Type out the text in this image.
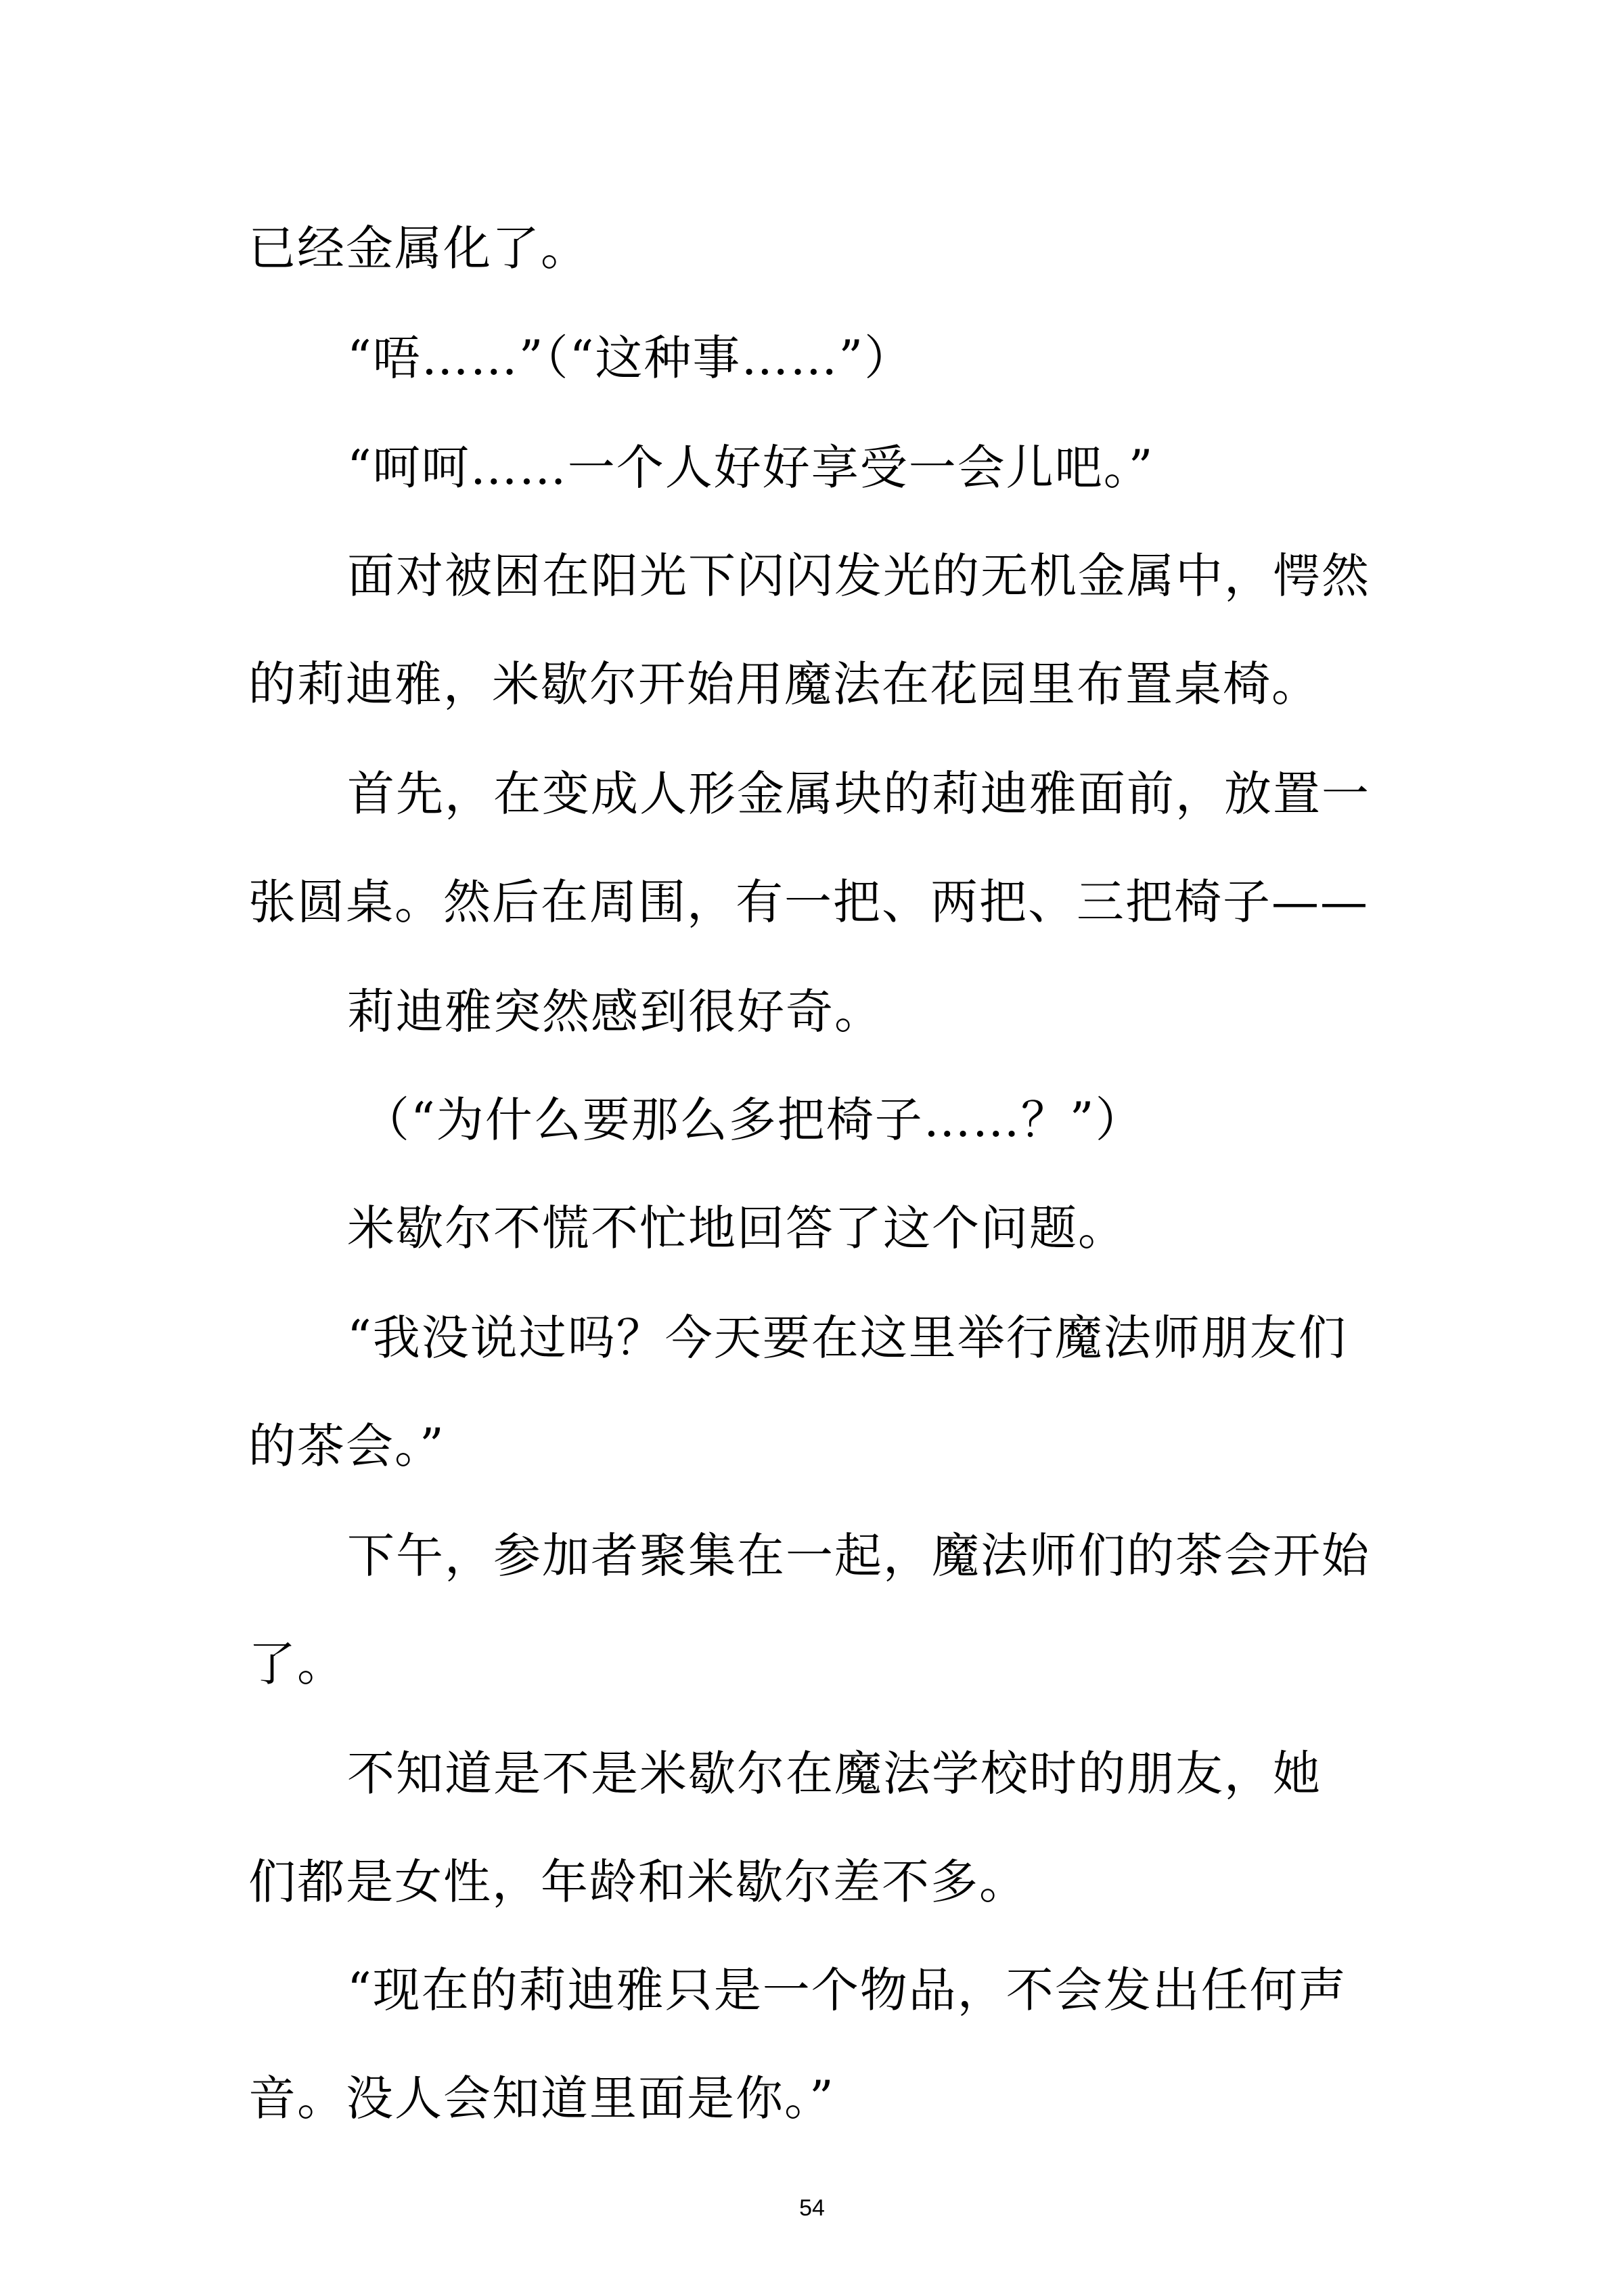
已经金属化了。
“唔……”（“这种事……”）
“呵呵……一个人好好享受一会儿吧。”
面对被困在阳光下闪闪发光的无机金属中，愕然
的莉迪雅，米歇尔开始用魔法在花园里布置桌椅。
首先，在变成人形金属块的莉迪雅面前，放置一
张圆桌。然后在周围，有一把、两把、三把椅子——
莉迪雅突然感到很好奇。
（“为什么要那么多把椅子……？”）
米歇尔不慌不忙地回答了这个问题。
“我没说过吗？今天要在这里举行魔法师朋友们
的茶会。”
下午，参加者聚集在一起，魔法师们的茶会开始
了。
不知道是不是米歇尔在魔法学校时的朋友，她
们都是女性，年龄和米歇尔差不多。
“现在的莉迪雅只是一个物品，不会发出任何声
音。没人会知道里面是你。”
54
